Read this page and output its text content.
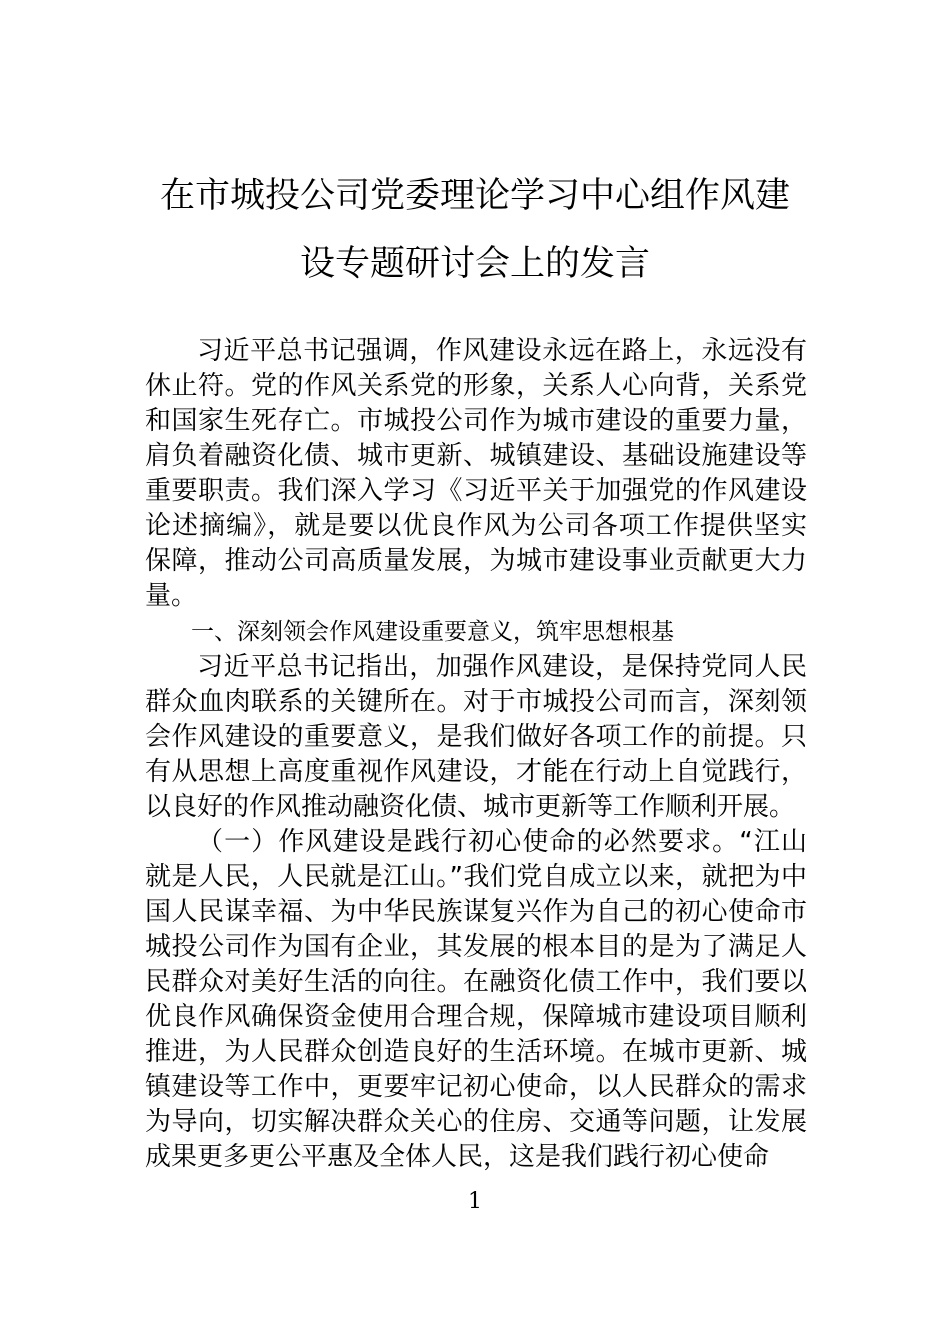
在市城投公司党委理论学习中心组作风建
设专题研讨会上的发言

习近平总书记强调，作风建设永远在路上，永远没有休止符。党的作风关系党的形象，关系人心向背，关系党和国家生死存亡。市城投公司作为城市建设的重要力量，肩负着融资化债、城市更新、城镇建设、基础设施建设等重要职责。我们深入学习《习近平关于加强党的作风建设论述摘编》，就是要以优良作风为公司各项工作提供坚实保障，推动公司高质量发展，为城市建设事业贡献更大力量。

一、深刻领会作风建设重要意义，筑牢思想根基

习近平总书记指出，加强作风建设，是保持党同人民群众血肉联系的关键所在。对于市城投公司而言，深刻领会作风建设的重要意义，是我们做好各项工作的前提。只有从思想上高度重视作风建设，才能在行动上自觉践行，以良好的作风推动融资化债、城市更新等工作顺利开展。

（一）作风建设是践行初心使命的必然要求。“江山就是人民，人民就是江山。”我们党自成立以来，就把为中国人民谋幸福、为中华民族谋复兴作为自己的初心使命市城投公司作为国有企业，其发展的根本目的是为了满足人民群众对美好生活的向往。在融资化债工作中，我们要以优良作风确保资金使用合理合规，保障城市建设项目顺利推进，为人民群众创造良好的生活环境。在城市更新、城镇建设等工作中，更要牢记初心使命，以人民群众的需求为导向，切实解决群众关心的住房、交通等问题，让发展成果更多更公平惠及全体人民，这是我们践行初心使命

1
